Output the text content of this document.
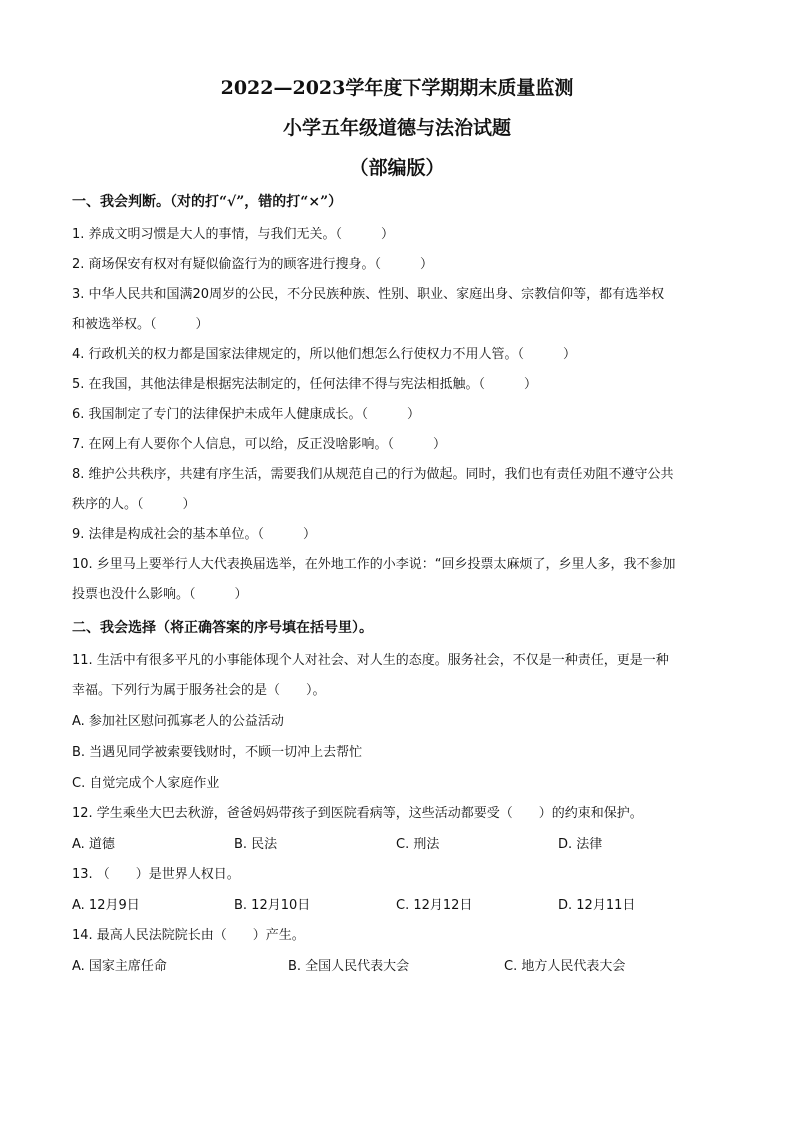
2022—2023学年度下学期期末质量监测

小学五年级道德与法治试题

（部编版）

一、我会判断。（对的打“√”，错的打“×”）

1. 养成文明习惯是大人的事情，与我们无关。（　　　）

2. 商场保安有权对有疑似偷盗行为的顾客进行搜身。（　　　）

3. 中华人民共和国满20周岁的公民，不分民族种族、性别、职业、家庭出身、宗教信仰等，都有选举权

和被选举权。（　　　）

4. 行政机关的权力都是国家法律规定的，所以他们想怎么行使权力不用人管。（　　　）

5. 在我国，其他法律是根据宪法制定的，任何法律不得与宪法相抵触。（　　　）

6. 我国制定了专门的法律保护未成年人健康成长。（　　　）

7. 在网上有人要你个人信息，可以给，反正没啥影响。（　　　）

8. 维护公共秩序，共建有序生活，需要我们从规范自己的行为做起。同时，我们也有责任劝阻不遵守公共

秩序的人。（　　　）

9. 法律是构成社会的基本单位。（　　　）

10. 乡里马上要举行人大代表换届选举，在外地工作的小李说：“回乡投票太麻烦了，乡里人多，我不参加

投票也没什么影响。（　　　）

二、我会选择（将正确答案的序号填在括号里）。

11. 生活中有很多平凡的小事能体现个人对社会、对人生的态度。服务社会，不仅是一种责任，更是一种

幸福。下列行为属于服务社会的是（　　）。

A. 参加社区慰问孤寡老人的公益活动

B. 当遇见同学被索要钱财时，不顾一切冲上去帮忙

C. 自觉完成个人家庭作业

12. 学生乘坐大巴去秋游，爸爸妈妈带孩子到医院看病等，这些活动都要受（　　）的约束和保护。

A. 道德	B. 民法	C. 刑法	D. 法律

13. （　　）是世界人权日。

A. 12月9日	B. 12月10日	C. 12月12日	D. 12月11日

14. 最高人民法院院长由（　　）产生。

A. 国家主席任命	B. 全国人民代表大会	C. 地方人民代表大会
